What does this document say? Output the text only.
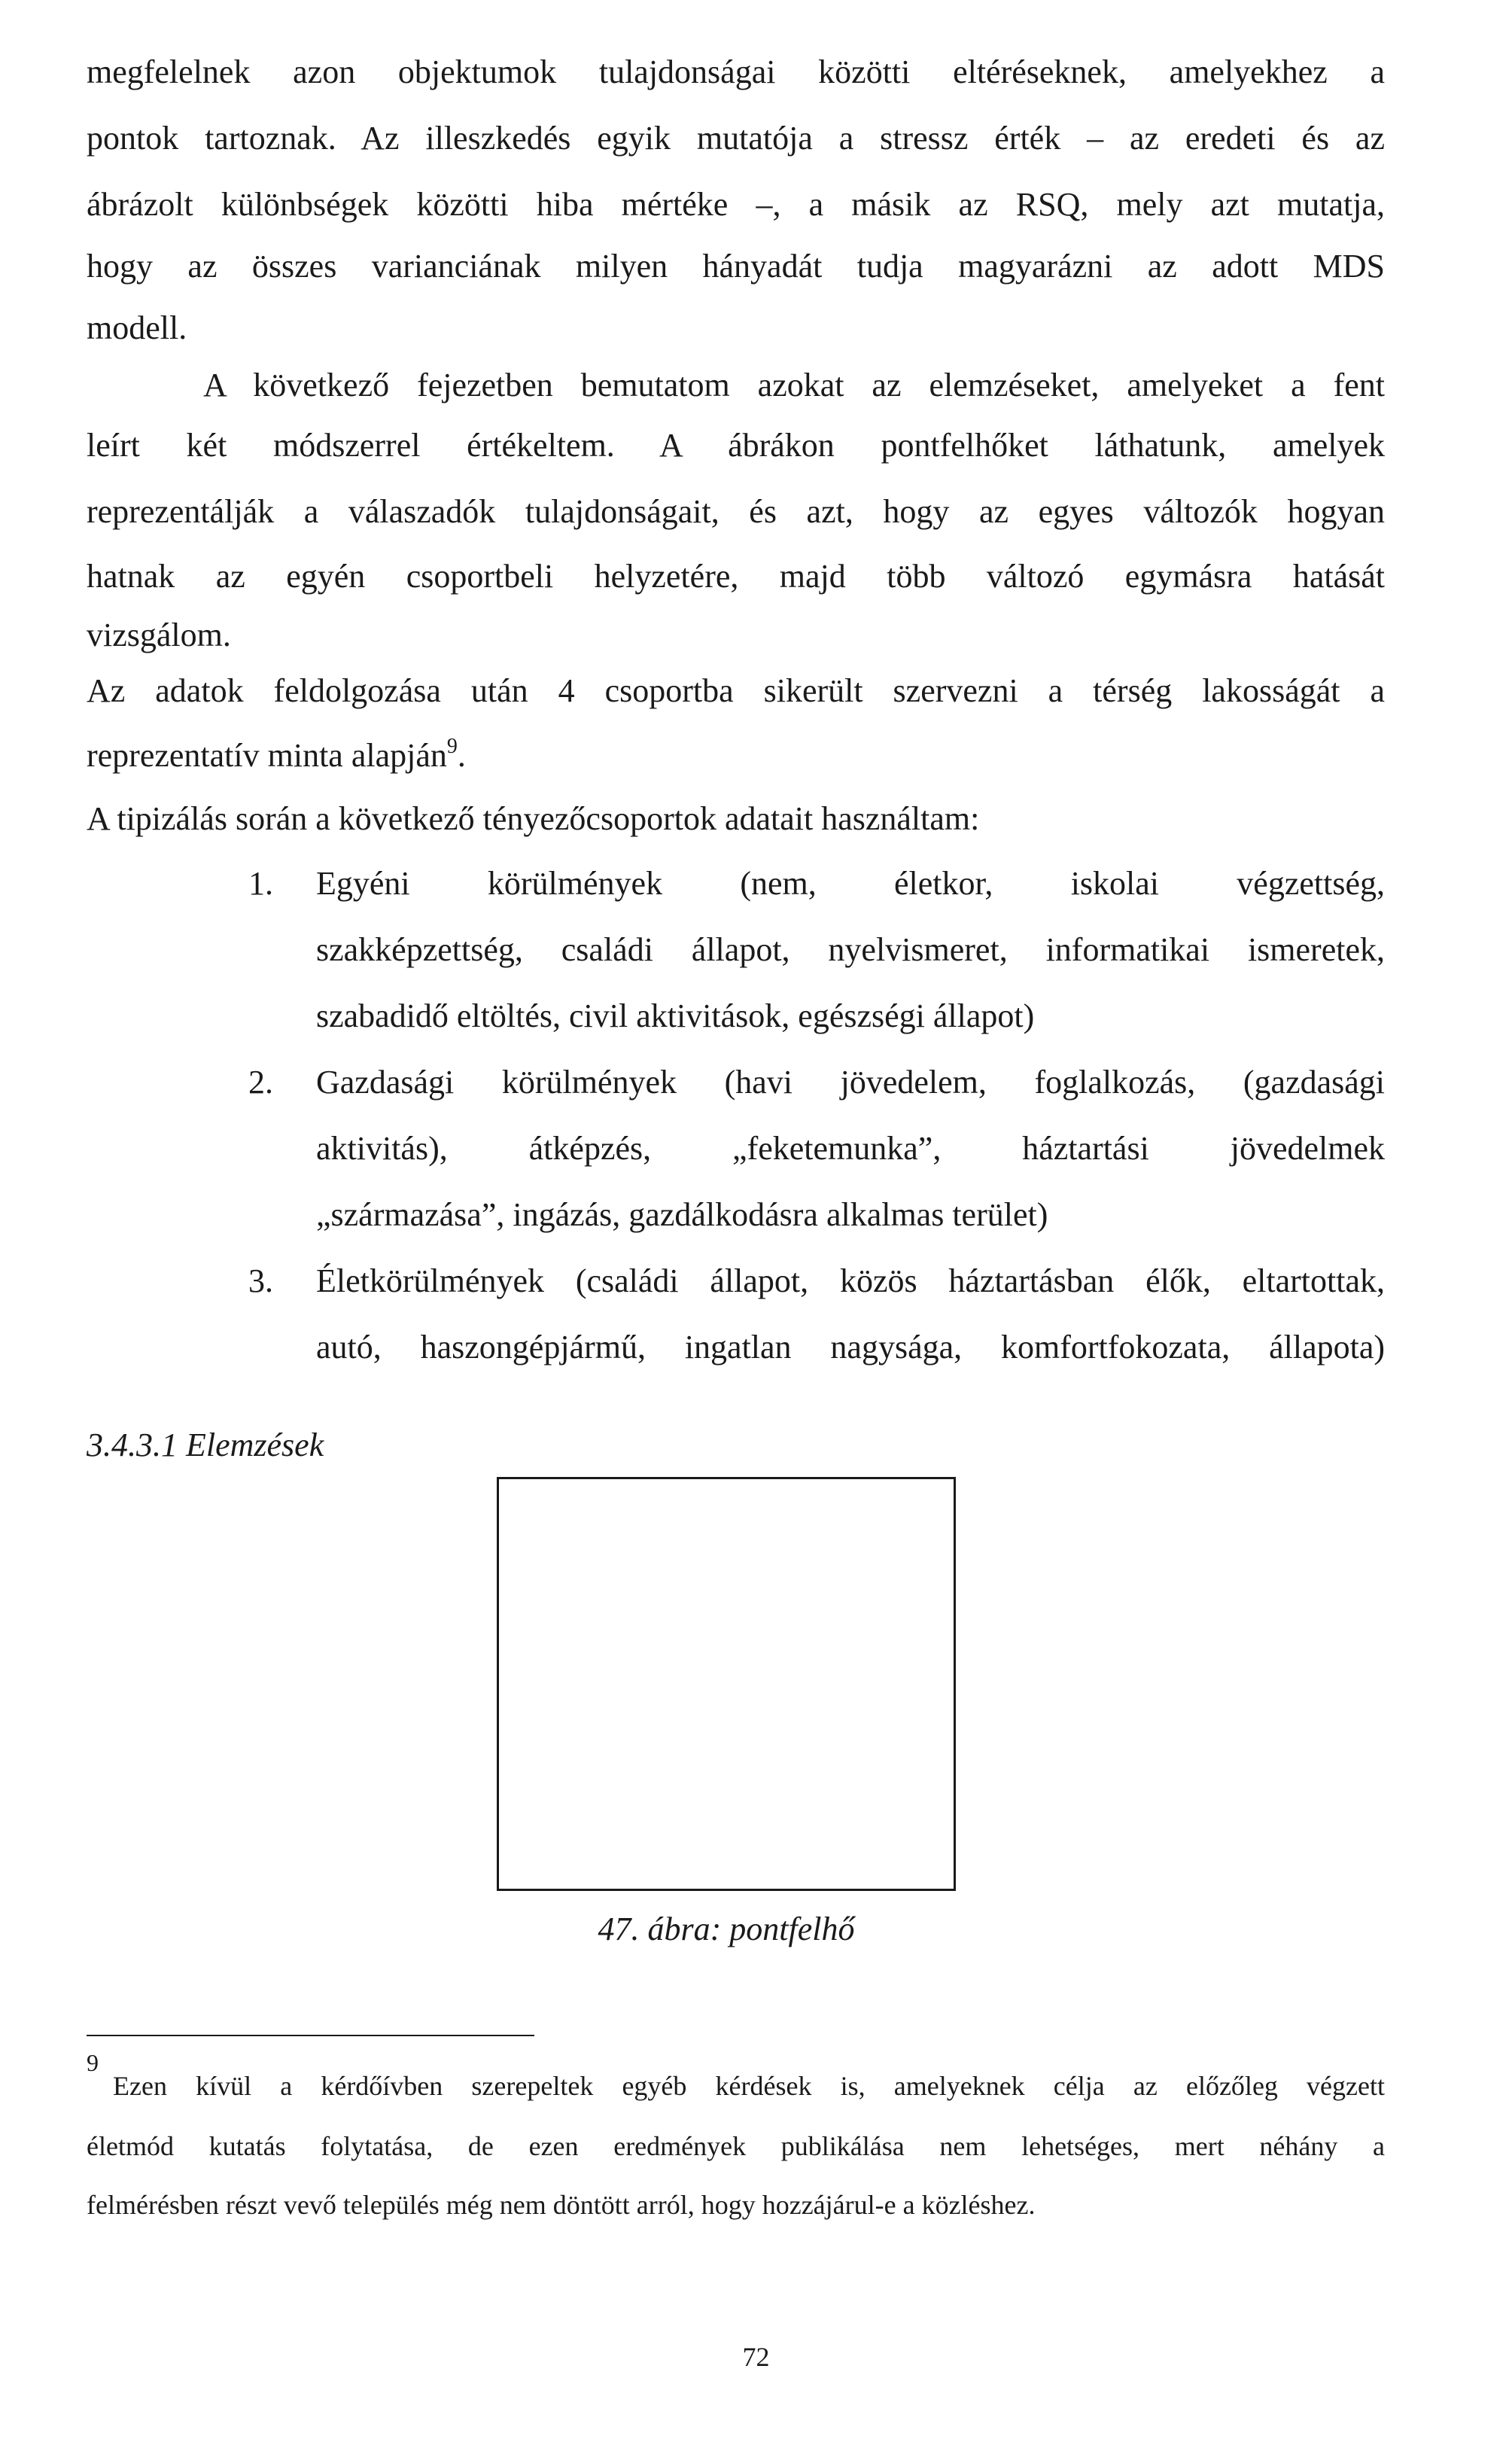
megfelelnek azon objektumok tulajdonságai közötti eltéréseknek, amelyekhez a
pontok tartoznak. Az illeszkedés egyik mutatója a stressz érték – az eredeti és az
ábrázolt különbségek közötti hiba mértéke –, a másik az RSQ, mely azt mutatja,
hogy az összes varianciának milyen hányadát tudja magyarázni az adott MDS
modell.
A következő fejezetben bemutatom azokat az elemzéseket, amelyeket a fent
leírt két módszerrel értékeltem. A ábrákon pontfelhőket láthatunk, amelyek
reprezentálják a válaszadók tulajdonságait, és azt, hogy az egyes változók hogyan
hatnak az egyén csoportbeli helyzetére, majd több változó egymásra hatását
vizsgálom.
Az adatok feldolgozása után 4 csoportba sikerült szervezni a térség lakosságát a
reprezentatív minta alapján$^9$.
A tipizálás során a következő tényezőcsoportok adatait használtam:
1. Egyéni körülmények (nem, életkor, iskolai végzettség,
szakképzettség, családi állapot, nyelvismeret, informatikai ismeretek,
szabadidő eltöltés, civil aktivitások, egészségi állapot)
2. Gazdasági körülmények (havi jövedelem, foglalkozás, (gazdasági
aktivitás), átképzés, „feketemunka”, háztartási jövedelmek
„származása”, ingázás, gazdálkodásra alkalmas terület)
3. Életkörülmények (családi állapot, közös háztartásban élők, eltartottak,
autó, haszongépjármű, ingatlan nagysága, komfortfokozata, állapota)
3.4.3.1 Elemzések
47. ábra: pontfelhő
9
Ezen kívül a kérdőívben szerepeltek egyéb kérdések is, amelyeknek célja az előzőleg végzett
életmód kutatás folytatása, de ezen eredmények publikálása nem lehetséges, mert néhány a
felmérésben részt vevő település még nem döntött arról, hogy hozzájárul-e a közléshez.
72
